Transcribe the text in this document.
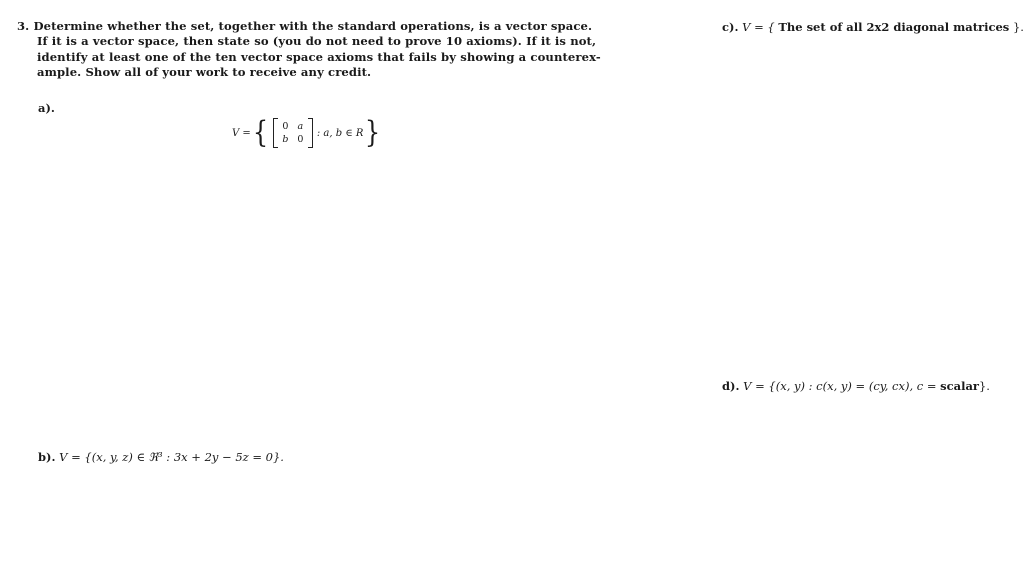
3. Determine whether the set, together with the standard operations, is a vector space.
If it is a vector space, then state so (you do not need to prove 10 axioms). If it is not,
identify at least one of the ten vector space axioms that fails by showing a counterex-
ample. Show all of your work to receive any credit.
a).
V = {	0 a
b 0
: a, b ∈ R }
b). V = {(x, y, z) ∈ ℜ³ : 3x + 2y − 5z = 0}.
c). V = { The set of all 2x2 diagonal matrices }.
d). V = {(x, y) : c(x, y) = (cy, cx), c = scalar}.
